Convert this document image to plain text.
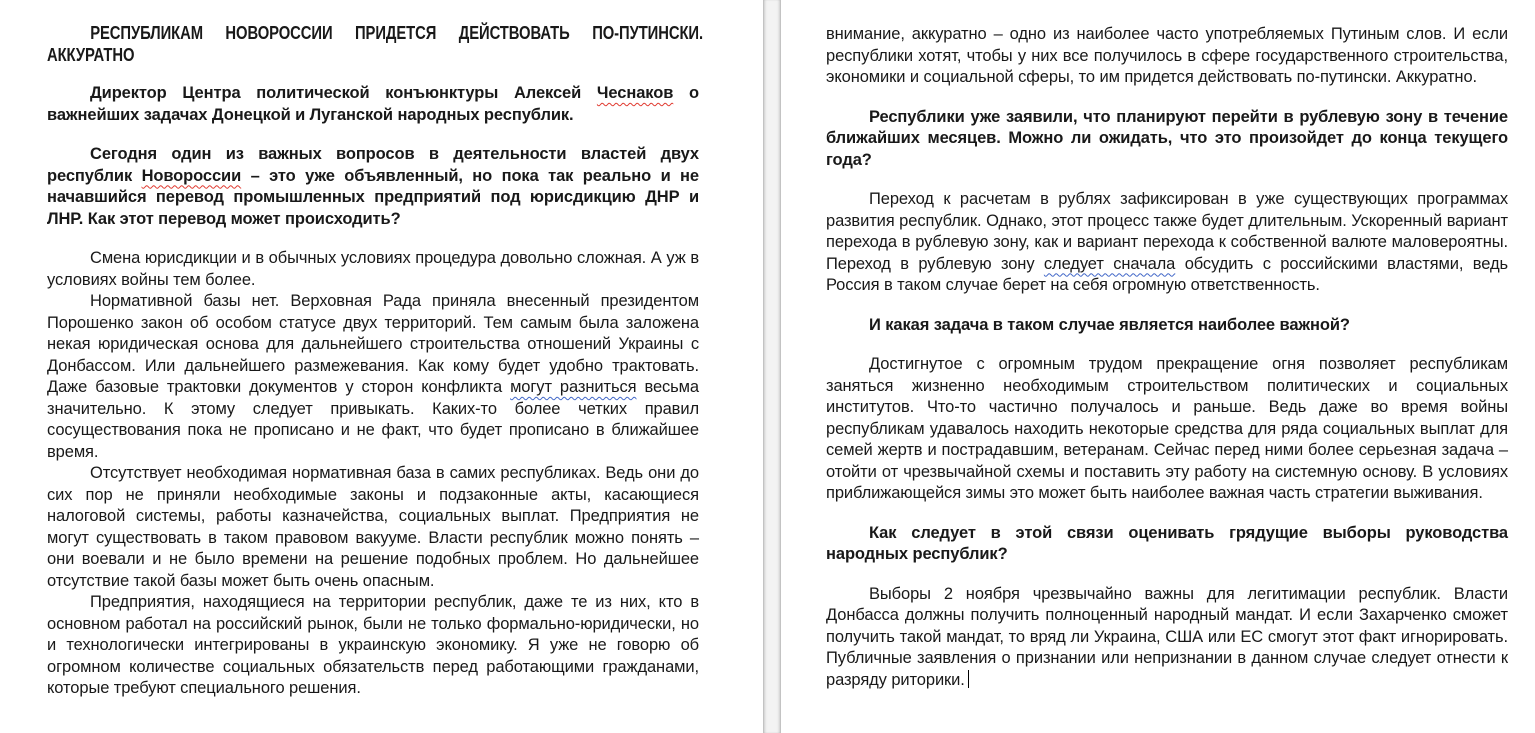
РЕСПУБЛИКАМ НОВОРОССИИ ПРИДЕТСЯ ДЕЙСТВОВАТЬ ПО-ПУТИНСКИ. АККУРАТНО

Директор Центра политической конъюнктуры Алексей Чеснаков о важнейших задачах Донецкой и Луганской народных республик.

Сегодня один из важных вопросов в деятельности властей двух республик Новороссии – это уже объявленный, но пока так реально и не начавшийся перевод промышленных предприятий под юрисдикцию ДНР и ЛНР. Как этот перевод может происходить?

Смена юрисдикции и в обычных условиях процедура довольно сложная. А уж в условиях войны тем более.

Нормативной базы нет. Верховная Рада приняла внесенный президентом Порошенко закон об особом статусе двух территорий. Тем самым была заложена некая юридическая основа для дальнейшего строительства отношений Украины с Донбассом. Или дальнейшего размежевания. Как кому будет удобно трактовать. Даже базовые трактовки документов у сторон конфликта могут разниться весьма значительно. К этому следует привыкать. Каких-то более четких правил сосуществования пока не прописано и не факт, что будет прописано в ближайшее время.

Отсутствует необходимая нормативная база в самих республиках. Ведь они до сих пор не приняли необходимые законы и подзаконные акты, касающиеся налоговой системы, работы казначейства, социальных выплат. Предприятия не могут существовать в таком правовом вакууме. Власти республик можно понять – они воевали и не было времени на решение подобных проблем. Но дальнейшее отсутствие такой базы может быть очень опасным.

Предприятия, находящиеся на территории республик, даже те из них, кто в основном работал на российский рынок, были не только формально-юридически, но и технологически интегрированы в украинскую экономику. Я уже не говорю об огромном количестве социальных обязательств перед работающими гражданами, которые требуют специального решения.

внимание, аккуратно – одно из наиболее часто употребляемых Путиным слов. И если республики хотят, чтобы у них все получилось в сфере государственного строительства, экономики и социальной сферы, то им придется действовать по-путински. Аккуратно.

Республики уже заявили, что планируют перейти в рублевую зону в течение ближайших месяцев. Можно ли ожидать, что это произойдет до конца текущего года?

Переход к расчетам в рублях зафиксирован в уже существующих программах развития республик. Однако, этот процесс также будет длительным. Ускоренный вариант перехода в рублевую зону, как и вариант перехода к собственной валюте маловероятны. Переход в рублевую зону следует сначала обсудить с российскими властями, ведь Россия в таком случае берет на себя огромную ответственность.

И какая задача в таком случае является наиболее важной?

Достигнутое с огромным трудом прекращение огня позволяет республикам заняться жизненно необходимым строительством политических и социальных институтов. Что-то частично получалось и раньше. Ведь даже во время войны республикам удавалось находить некоторые средства для ряда социальных выплат для семей жертв и пострадавшим, ветеранам. Сейчас перед ними более серьезная задача – отойти от чрезвычайной схемы и поставить эту работу на системную основу. В условиях приближающейся зимы это может быть наиболее важная часть стратегии выживания.

Как следует в этой связи оценивать грядущие выборы руководства народных республик?

Выборы 2 ноября чрезвычайно важны для легитимации республик. Власти Донбасса должны получить полноценный народный мандат. И если Захарченко сможет получить такой мандат, то вряд ли Украина, США или ЕС смогут этот факт игнорировать. Публичные заявления о признании или непризнании в данном случае следует отнести к разряду риторики.
